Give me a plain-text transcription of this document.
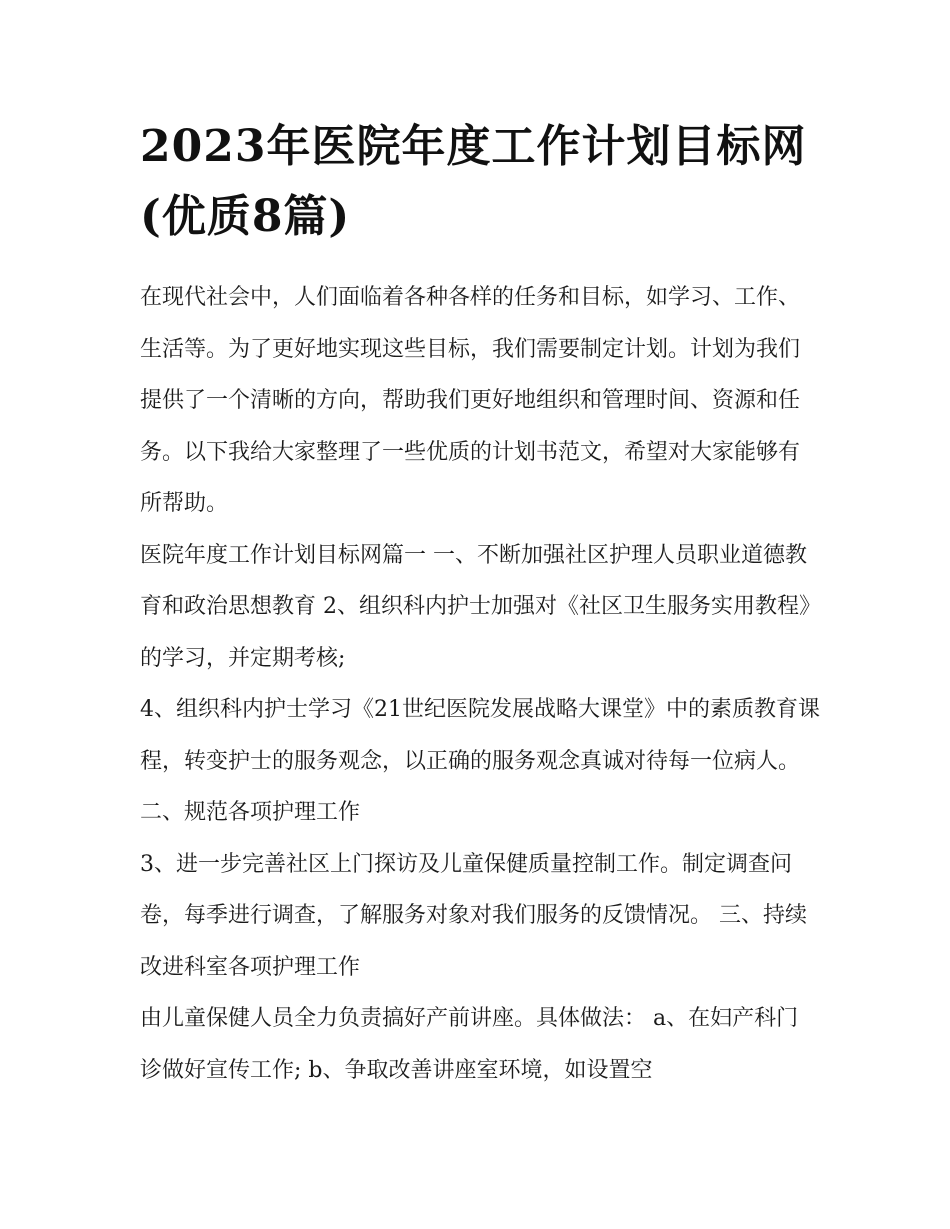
2023年医院年度工作计划目标网(优质8篇)

在现代社会中，人们面临着各种各样的任务和目标，如学习、工作、生活等。为了更好地实现这些目标，我们需要制定计划。计划为我们提供了一个清晰的方向，帮助我们更好地组织和管理时间、资源和任务。以下我给大家整理了一些优质的计划书范文，希望对大家能够有所帮助。

医院年度工作计划目标网篇一 一、不断加强社区护理人员职业道德教育和政治思想教育 2、组织科内护士加强对《社区卫生服务实用教程》的学习，并定期考核;

4、组织科内护士学习《21世纪医院发展战略大课堂》中的素质教育课程，转变护士的服务观念，以正确的服务观念真诚对待每一位病人。 二、规范各项护理工作

3、进一步完善社区上门探访及儿童保健质量控制工作。制定调查问卷，每季进行调查，了解服务对象对我们服务的反馈情况。 三、持续改进科室各项护理工作

由儿童保健人员全力负责搞好产前讲座。具体做法： a、在妇产科门诊做好宣传工作; b、争取改善讲座室环境，如设置空
